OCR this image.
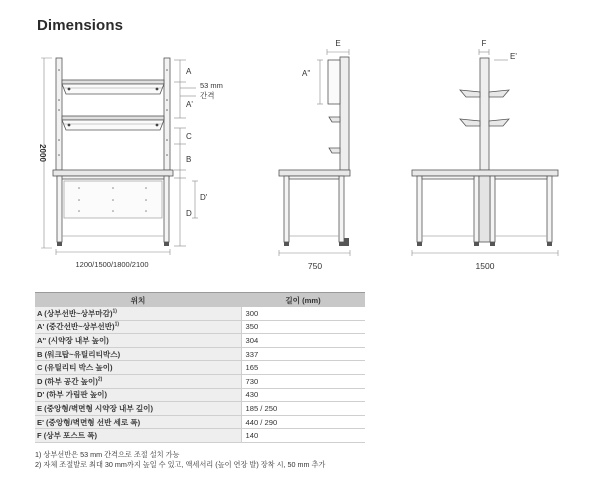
Dimensions
2000
1200/1500/1800/2100
A
A'
C
B
D
D'
53 mm
간격
E
A''
750
F
E'
1500
위치	길이 (mm)
A (상부선반~상부마감)$^{1)}$	300
A' (중간선반~상부선반)$^{1)}$	350
A'' (시약장 내부 높이)	304
B (워크탑~유틸리티박스)	337
C (유틸리티 박스 높이)	165
D (하부 공간 높이)$^{2)}$	730
D' (하부 가림판 높이)	430
E (중앙형/벽면형 시약장 내부 깊이)	185 / 250
E' (중앙형/벽면형 선반 세로 폭)	440 / 290
F (상부 포스트 폭)	140
1) 상부선반은 53 mm 간격으로 조절 설치 가능
2) 자체 조절발로 최대 30 mm까지 높일 수 있고, 액세서리 (높이 연장 발) 장착 시, 50 mm 추가
